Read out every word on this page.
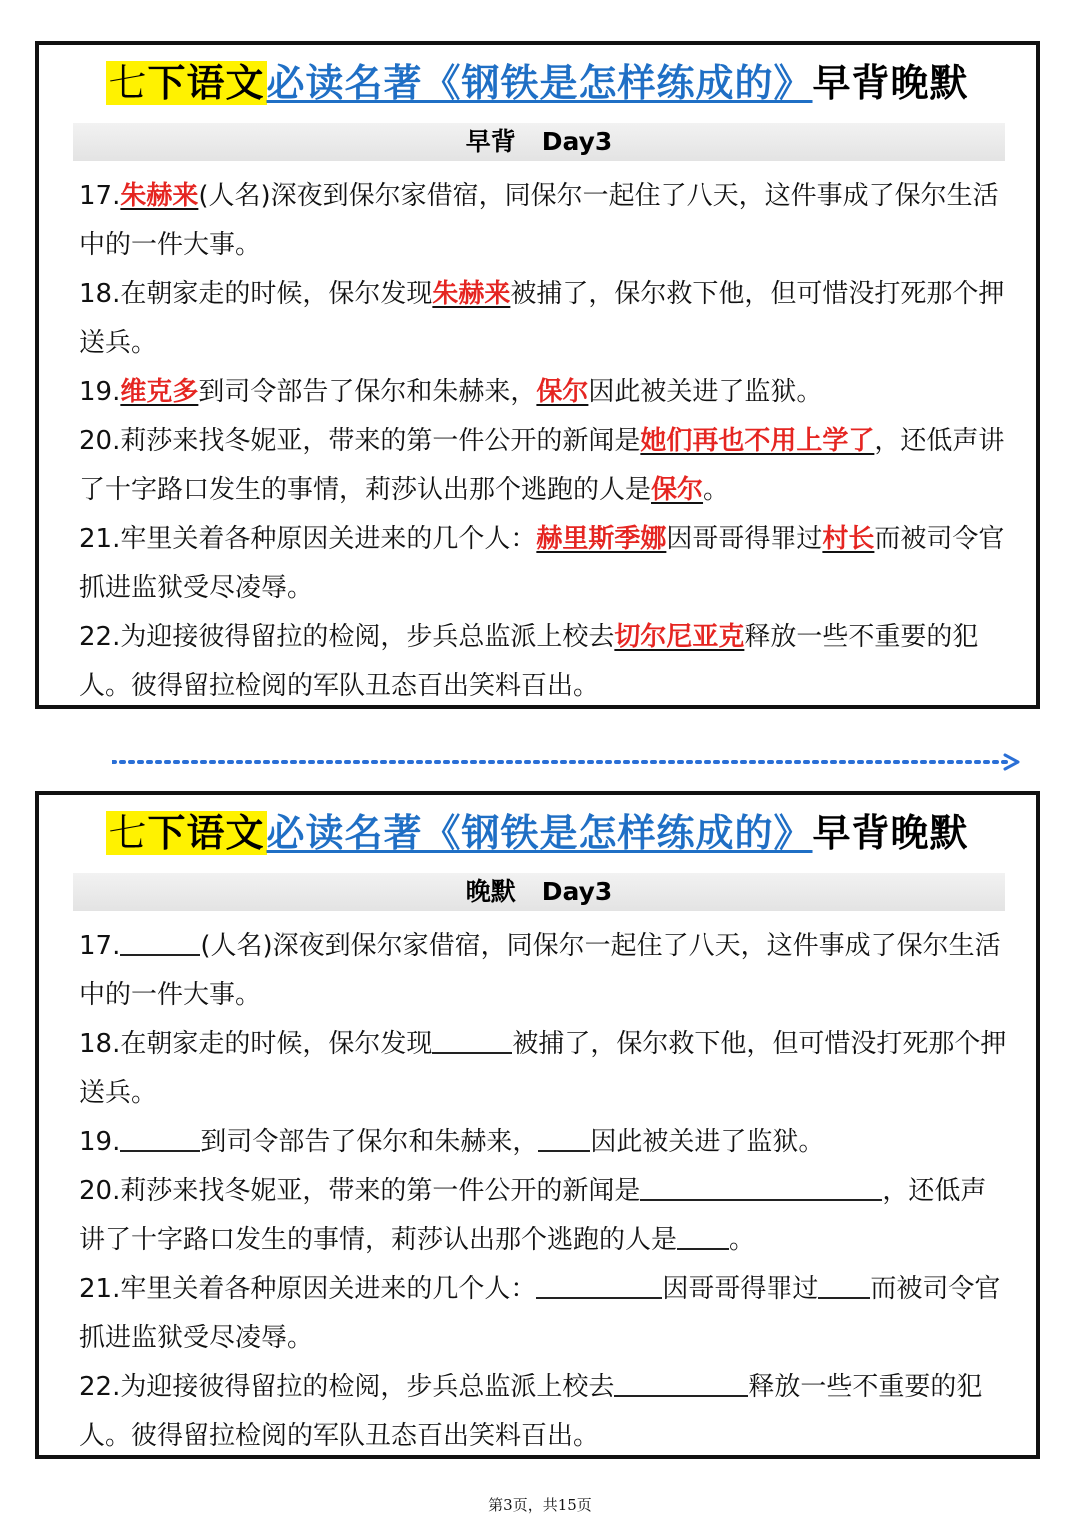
七下语文必读名著《钢铁是怎样练成的》早背晚默
早背 Day3

17.朱赫来(人名)深夜到保尔家借宿，同保尔一起住了八天，这件事成了保尔生活中的一件大事。

18.在朝家走的时候，保尔发现朱赫来被捕了，保尔救下他，但可惜没打死那个押送兵。

19.维克多到司令部告了保尔和朱赫来，保尔因此被关进了监狱。

20.莉莎来找冬妮亚，带来的第一件公开的新闻是她们再也不用上学了，还低声讲了十字路口发生的事情，莉莎认出那个逃跑的人是保尔。

21.牢里关着各种原因关进来的几个人：赫里斯季娜因哥哥得罪过村长而被司令官抓进监狱受尽凌辱。

22.为迎接彼得留拉的检阅，步兵总监派上校去切尔尼亚克释放一些不重要的犯人。彼得留拉检阅的军队丑态百出笑料百出。

七下语文必读名著《钢铁是怎样练成的》早背晚默
晚默 Day3

17.	(人名)深夜到保尔家借宿，同保尔一起住了八天，这件事成了保尔生活中的一件大事。

18.在朝家走的时候，保尔发现	被捕了，保尔救下他，但可惜没打死那个押送兵。

19.	到司令部告了保尔和朱赫来， 因此被关进了监狱。

20.莉莎来找冬妮亚，带来的第一件公开的新闻是	，还低声讲了十字路口发生的事情，莉莎认出那个逃跑的人是 。

21.牢里关着各种原因关进来的几个人：	因哥哥得罪过 而被司令官抓进监狱受尽凌辱。

22.为迎接彼得留拉的检阅，步兵总监派上校去	释放一些不重要的犯人。彼得留拉检阅的军队丑态百出笑料百出。

第3页，共15页
